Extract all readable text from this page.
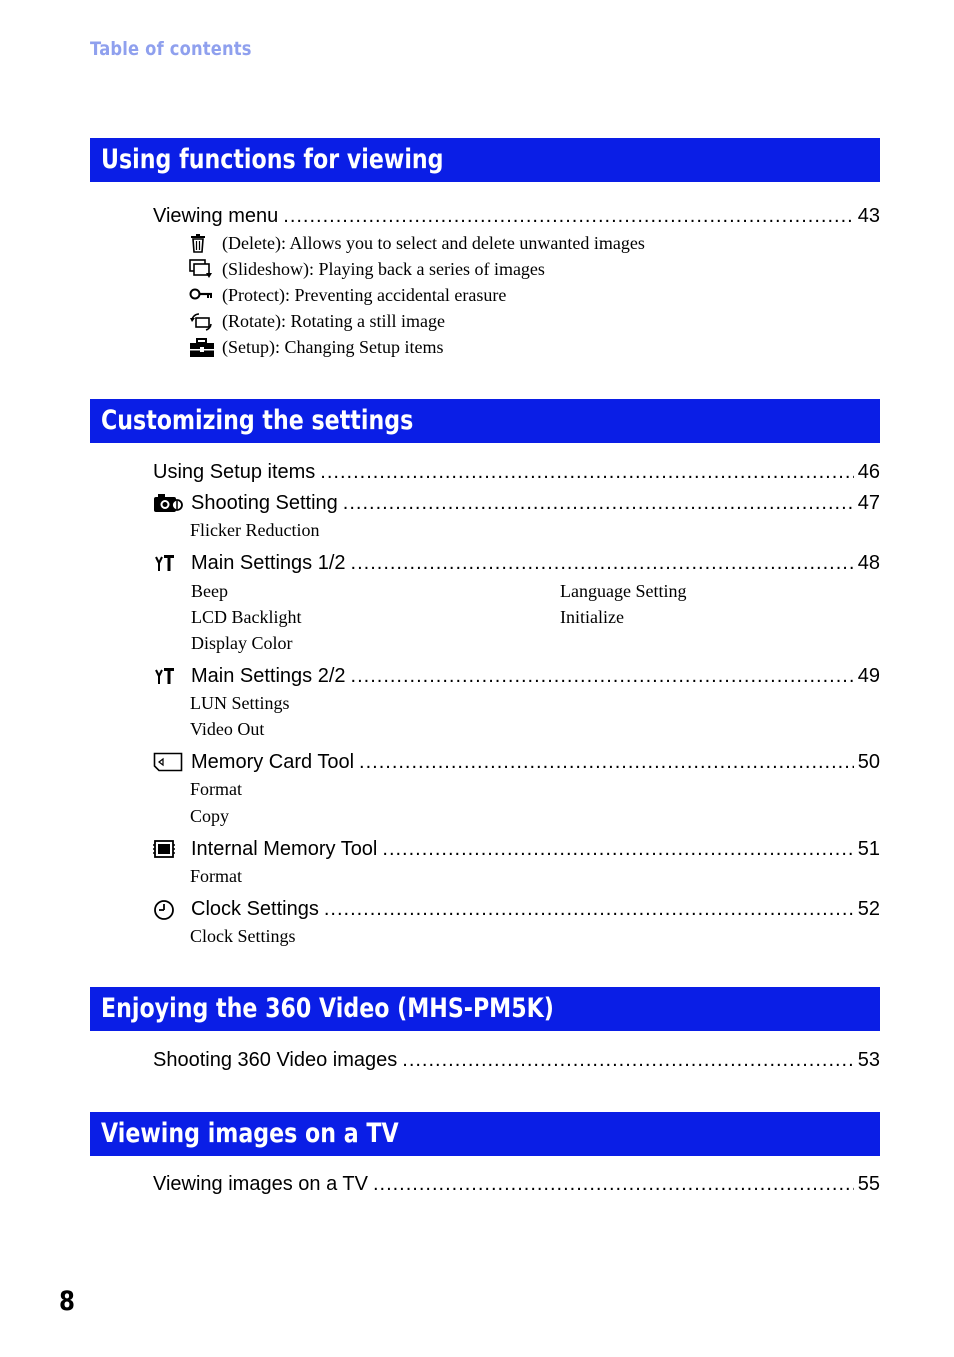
Table of contents
Using functions for viewing
Viewing menu .....	43
(Delete): Allows you to select and delete unwanted images
(Slideshow): Playing back a series of images
(Protect): Preventing accidental erasure
(Rotate): Rotating a still image
(Setup): Changing Setup items
Customizing the settings
Using Setup items .....	46
Shooting Setting .....	47
Flicker Reduction
Main Settings 1/2 .....	48
Beep
LCD Backlight
Display Color
Language Setting
Initialize
Main Settings 2/2 .....	49
LUN Settings
Video Out
Memory Card Tool .....	50
Format
Copy
Internal Memory Tool .....	51
Format
Clock Settings .....	52
Clock Settings
Enjoying the 360 Video (MHS-PM5K)
Shooting 360 Video images .....	53
Viewing images on a TV
Viewing images on a TV .....	55
8
